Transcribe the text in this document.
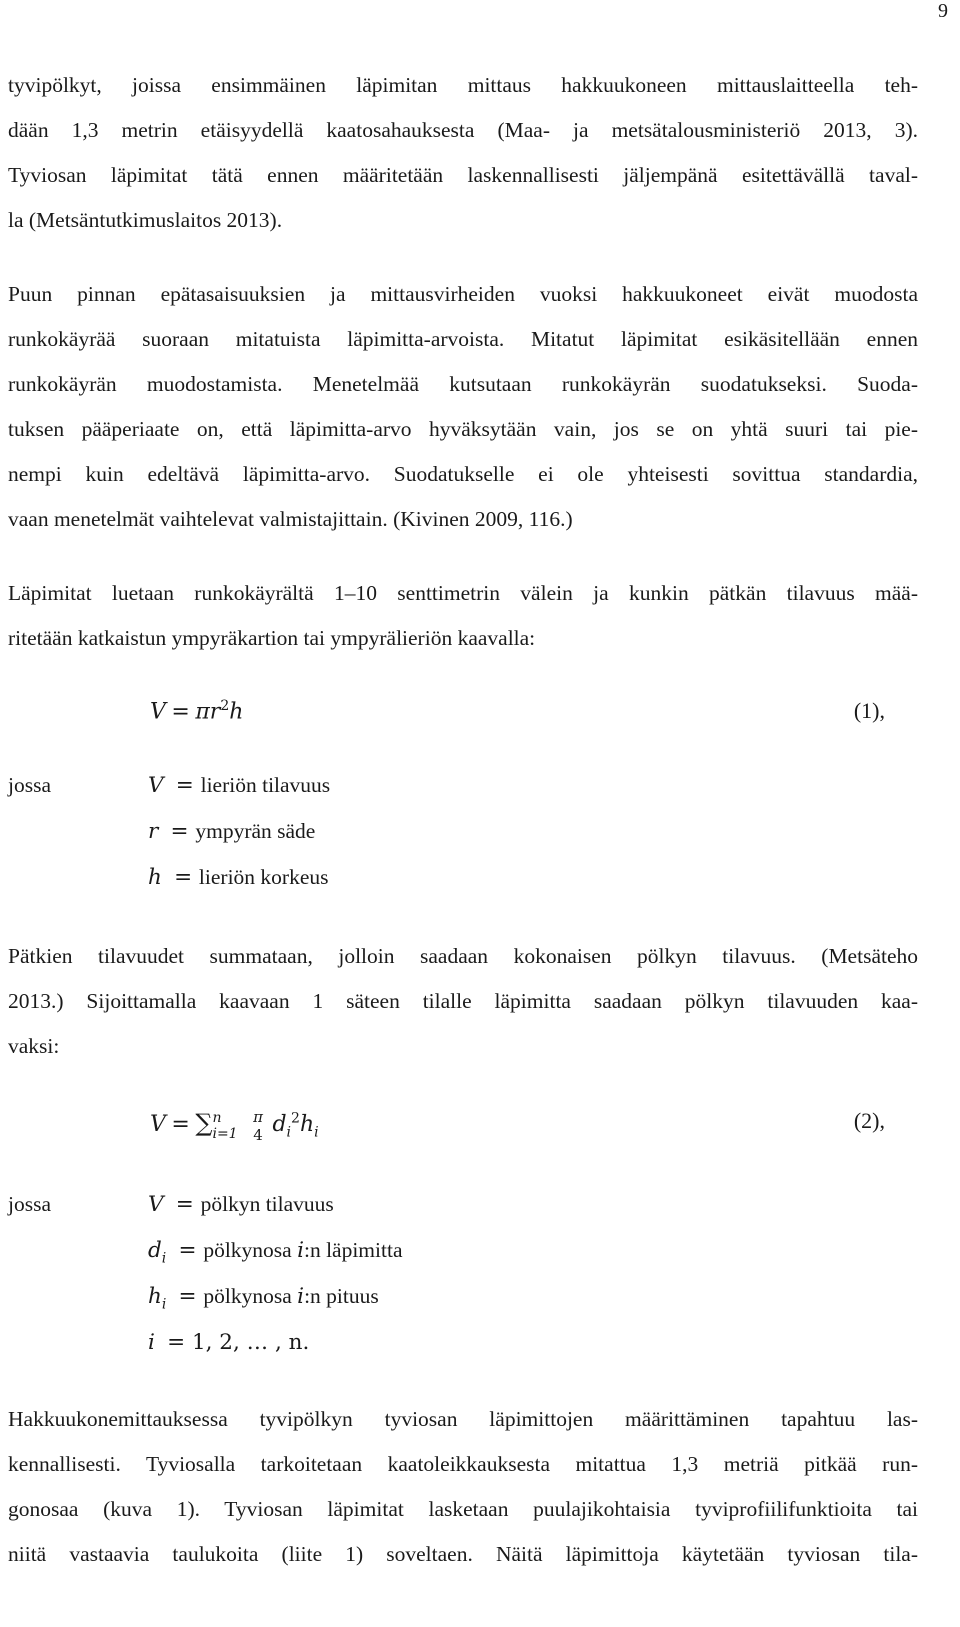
9
tyvipölkyt, joissa ensimmäinen läpimitan mittaus hakkuukoneen mittauslaitteella teh-
dään 1,3 metrin etäisyydellä kaatosahauksesta (Maa- ja metsätalousministeriö 2013, 3).
Tyviosan läpimitat tätä ennen määritetään laskennallisesti jäljempänä esitettävällä taval-
la (Metsäntutkimuslaitos 2013).
Puun pinnan epätasaisuuksien ja mittausvirheiden vuoksi hakkuukoneet eivät muodosta
runkokäyrää suoraan mitatuista läpimitta-arvoista. Mitatut läpimitat esikäsitellään ennen
runkokäyrän muodostamista. Menetelmää kutsutaan runkokäyrän suodatukseksi. Suoda-
tuksen pääperiaate on, että läpimitta-arvo hyväksytään vain, jos se on yhtä suuri tai pie-
nempi kuin edeltävä läpimitta-arvo. Suodatukselle ei ole yhteisesti sovittua standardia,
vaan menetelmät vaihtelevat valmistajittain. (Kivinen 2009, 116.)
Läpimitat luetaan runkokäyrältä 1–10 senttimetrin välein ja kunkin pätkän tilavuus mää-
ritetään katkaistun ympyräkartion tai ympyrälieriön kaavalla:
$V = \pi r^2h$	(1),
jossa	V  = lieriön tilavuus
r  = ympyrän säde
h  = lieriön korkeus
Pätkien tilavuudet summataan, jolloin saadaan kokonaisen pölkyn tilavuus. (Metsäteho
2013.) Sijoittamalla kaavaan 1 säteen tilalle läpimitta saadaan pölkyn tilavuuden kaa-
vaksi:
V = ∑ n
i=1

π
4 $d_i^2h_i$	(2),
jossa	V  = pölkyn tilavuus
$d_i$  = pölkynosa i:n läpimitta
$h_i$  = pölkynosa i:n pituus
i  = 1, 2, … , n.
Hakkuukonemittauksessa tyvipölkyn tyviosan läpimittojen määrittäminen tapahtuu las-
kennallisesti. Tyviosalla tarkoitetaan kaatoleikkauksesta mitattua 1,3 metriä pitkää run-
gonosaa (kuva 1). Tyviosan läpimitat lasketaan puulajikohtaisia tyviprofiilifunktioita tai
niitä vastaavia taulukoita (liite 1) soveltaen. Näitä läpimittoja käytetään tyviosan tila-
